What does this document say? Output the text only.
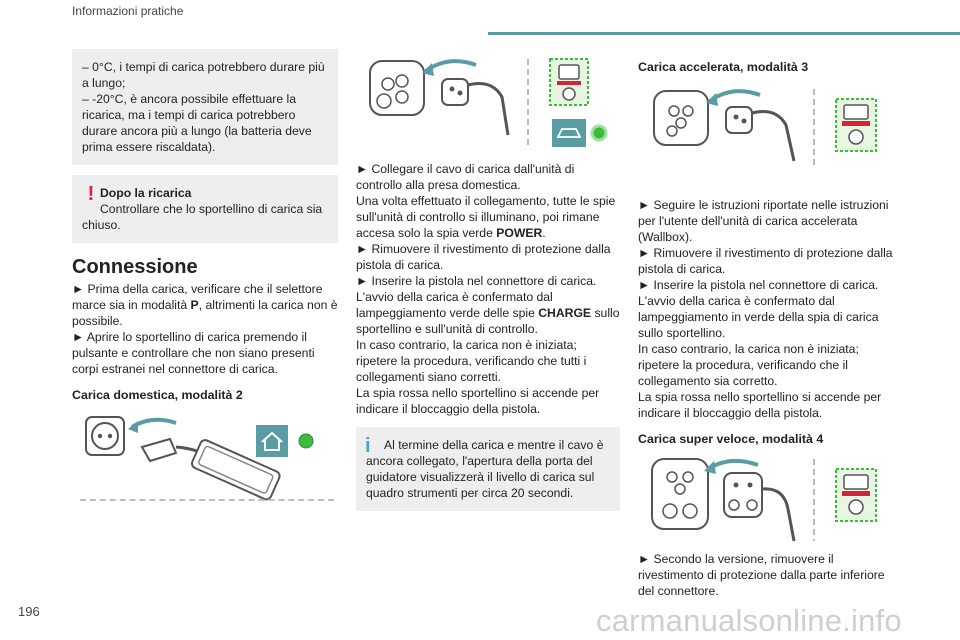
Informazioni pratiche

– 0°C, i tempi di carica potrebbero durare più a lungo;

– -20°C, è ancora possibile effettuare la ricarica, ma i tempi di carica potrebbero durare ancora più a lungo (la batteria deve prima essere riscaldata).

! Dopo la ricarica

Controllare che lo sportellino di carica sia chiuso.

Connessione

► Prima della carica, verificare che il selettore marce sia in modalità P, altrimenti la carica non è possibile.

► Aprire lo sportellino di carica premendo il pulsante e controllare che non siano presenti corpi estranei nel connettore di carica.

Carica domestica, modalità 2

► Collegare il cavo di carica dall'unità di controllo alla presa domestica.

Una volta effettuato il collegamento, tutte le spie sull'unità di controllo si illuminano, poi rimane accesa solo la spia verde POWER.

► Rimuovere il rivestimento di protezione dalla pistola di carica.

► Inserire la pistola nel connettore di carica.

L'avvio della carica è confermato dal lampeggiamento verde delle spie CHARGE sullo sportellino e sull'unità di controllo.

In caso contrario, la carica non è iniziata; ripetere la procedura, verificando che tutti i collegamenti siano corretti.

La spia rossa nello sportellino si accende per indicare il bloccaggio della pistola.

i	Al termine della carica e mentre il cavo è ancora collegato, l'apertura della porta del guidatore visualizzerà il livello di carica sul quadro strumenti per circa 20 secondi.

Carica accelerata, modalità 3

► Seguire le istruzioni riportate nelle istruzioni per l'utente dell'unità di carica accelerata (Wallbox).

► Rimuovere il rivestimento di protezione dalla pistola di carica.

► Inserire la pistola nel connettore di carica.

L'avvio della carica è confermato dal lampeggiamento in verde della spia di carica sullo sportellino.

In caso contrario, la carica non è iniziata; ripetere la procedura, verificando che il collegamento sia corretto.

La spia rossa nello sportellino si accende per indicare il bloccaggio della pistola.

Carica super veloce, modalità 4

► Secondo la versione, rimuovere il rivestimento di protezione dalla parte inferiore del connettore.

196	carmanualsonline.info
